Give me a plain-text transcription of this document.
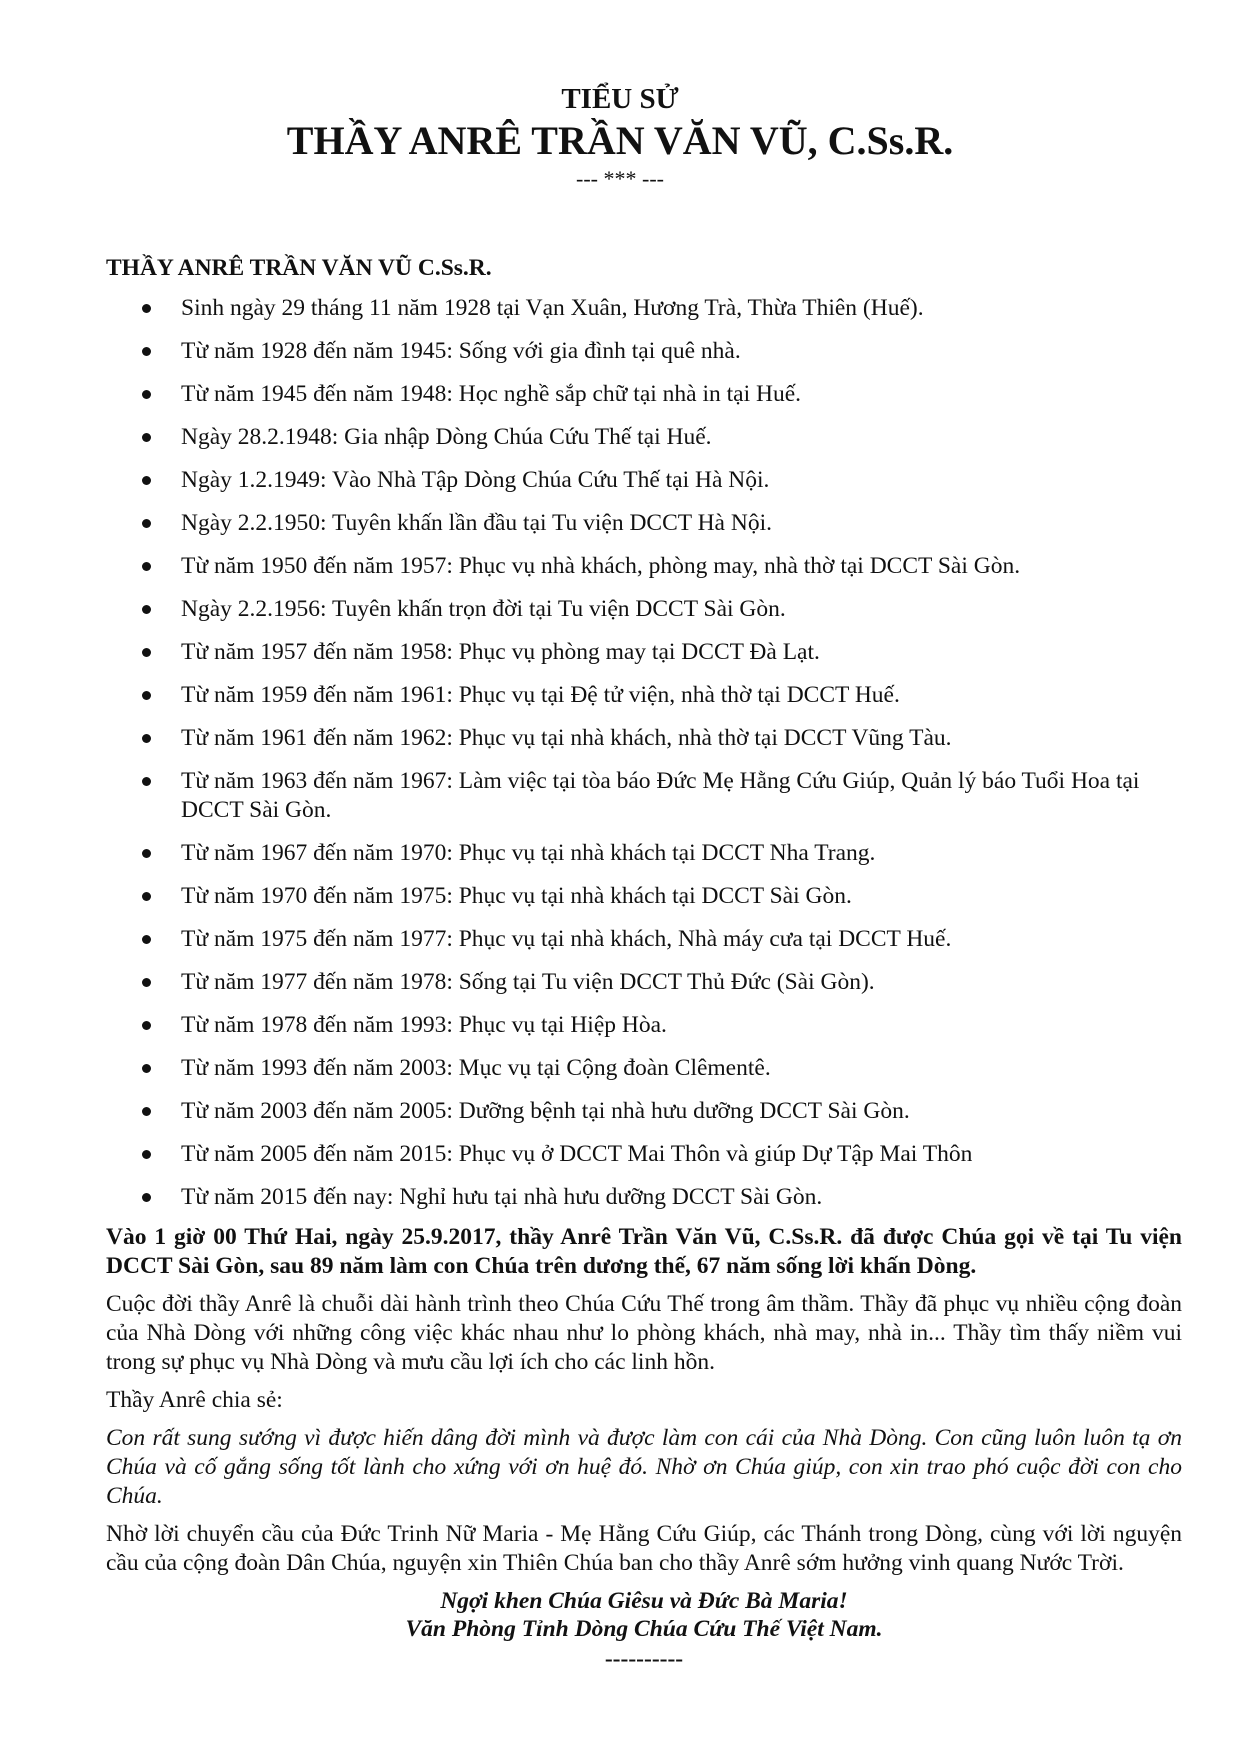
TIỂU SỬ
THẦY ANRÊ TRẦN VĂN VŨ, C.Ss.R.
--- *** ---
THẦY ANRÊ TRẦN VĂN VŨ C.Ss.R.
Sinh ngày 29 tháng 11 năm 1928 tại Vạn Xuân, Hương Trà, Thừa Thiên (Huế).
Từ năm 1928 đến năm 1945: Sống với gia đình tại quê nhà.
Từ năm 1945 đến năm 1948: Học nghề sắp chữ tại nhà in tại Huế.
Ngày 28.2.1948: Gia nhập Dòng Chúa Cứu Thế tại Huế.
Ngày 1.2.1949: Vào Nhà Tập Dòng Chúa Cứu Thế tại Hà Nội.
Ngày 2.2.1950: Tuyên khấn lần đầu tại Tu viện DCCT Hà Nội.
Từ năm 1950 đến năm 1957: Phục vụ nhà khách, phòng may, nhà thờ tại DCCT Sài Gòn.
Ngày 2.2.1956: Tuyên khấn trọn đời tại Tu viện DCCT Sài Gòn.
Từ năm 1957 đến năm 1958: Phục vụ phòng may tại DCCT Đà Lạt.
Từ năm 1959 đến năm 1961: Phục vụ tại Đệ tử viện, nhà thờ tại DCCT Huế.
Từ năm 1961 đến năm 1962: Phục vụ tại nhà khách, nhà thờ tại DCCT Vũng Tàu.
Từ năm 1963 đến năm 1967: Làm việc tại tòa báo Đức Mẹ Hằng Cứu Giúp, Quản lý báo Tuổi Hoa tại DCCT Sài Gòn.
Từ năm 1967 đến năm 1970: Phục vụ tại nhà khách tại DCCT Nha Trang.
Từ năm 1970 đến năm 1975: Phục vụ tại nhà khách tại DCCT Sài Gòn.
Từ năm 1975 đến năm 1977: Phục vụ tại nhà khách, Nhà máy cưa tại DCCT Huế.
Từ năm 1977 đến năm 1978: Sống tại Tu viện DCCT Thủ Đức (Sài Gòn).
Từ năm 1978 đến năm 1993: Phục vụ tại Hiệp Hòa.
Từ năm 1993 đến năm 2003: Mục vụ tại Cộng đoàn Clêmentê.
Từ năm 2003 đến năm 2005: Dưỡng bệnh tại nhà hưu dưỡng DCCT Sài Gòn.
Từ năm 2005 đến năm 2015: Phục vụ ở DCCT Mai Thôn và giúp Dự Tập Mai Thôn
Từ năm 2015 đến nay: Nghỉ hưu tại nhà hưu dưỡng DCCT Sài Gòn.

Vào 1 giờ 00 Thứ Hai, ngày 25.9.2017, thầy Anrê Trần Văn Vũ, C.Ss.R. đã được Chúa gọi về tại Tu viện DCCT Sài Gòn, sau 89 năm làm con Chúa trên dương thế, 67 năm sống lời khấn Dòng.

Cuộc đời thầy Anrê là chuỗi dài hành trình theo Chúa Cứu Thế trong âm thầm. Thầy đã phục vụ nhiều cộng đoàn của Nhà Dòng với những công việc khác nhau như lo phòng khách, nhà may, nhà in... Thầy tìm thấy niềm vui trong sự phục vụ Nhà Dòng và mưu cầu lợi ích cho các linh hồn.

Thầy Anrê chia sẻ:

Con rất sung sướng vì được hiến dâng đời mình và được làm con cái của Nhà Dòng. Con cũng luôn luôn tạ ơn Chúa và cố gắng sống tốt lành cho xứng với ơn huệ đó. Nhờ ơn Chúa giúp, con xin trao phó cuộc đời con cho Chúa.

Nhờ lời chuyển cầu của Đức Trinh Nữ Maria - Mẹ Hằng Cứu Giúp, các Thánh trong Dòng, cùng với lời nguyện cầu của cộng đoàn Dân Chúa, nguyện xin Thiên Chúa ban cho thầy Anrê sớm hưởng vinh quang Nước Trời.

Ngợi khen Chúa Giêsu và Đức Bà Maria!
Văn Phòng Tỉnh Dòng Chúa Cứu Thế Việt Nam.
----------
